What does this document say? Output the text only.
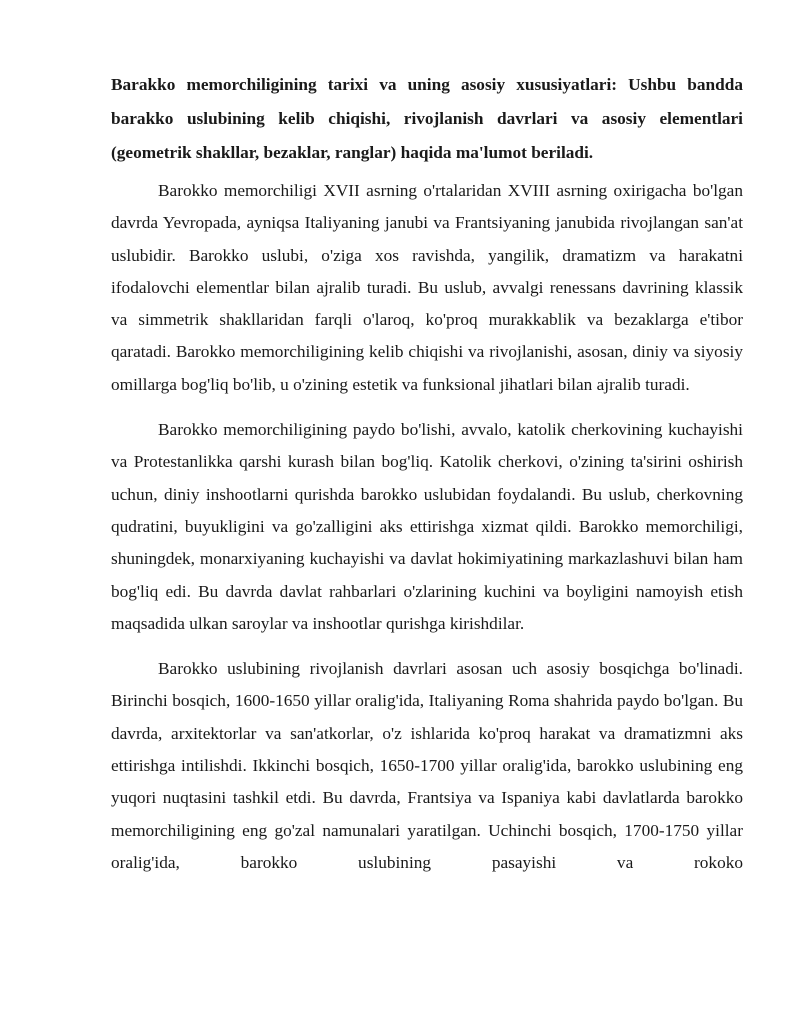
Barakko memorchiligining tarixi va uning asosiy xususiyatlari: Ushbu bandda barakko uslubining kelib chiqishi, rivojlanish davrlari va asosiy elementlari (geometrik shakllar, bezaklar, ranglar) haqida ma'lumot beriladi.

Barokko memorchiligi XVII asrning o'rtalaridan XVIII asrning oxirigacha bo'lgan davrda Yevropada, ayniqsa Italiyaning janubi va Frantsiyaning janubida rivojlangan san'at uslubidir. Barokko uslubi, o'ziga xos ravishda, yangilik, dramatizm va harakatni ifodalovchi elementlar bilan ajralib turadi. Bu uslub, avvalgi renessans davrining klassik va simmetrik shakllaridan farqli o'laroq, ko'proq murakkablik va bezaklarga e'tibor qaratadi. Barokko memorchiligining kelib chiqishi va rivojlanishi, asosan, diniy va siyosiy omillarga bog'liq bo'lib, u o'zining estetik va funksional jihatlari bilan ajralib turadi.

Barokko memorchiligining paydo bo'lishi, avvalo, katolik cherkovining kuchayishi va Protestanlikka qarshi kurash bilan bog'liq. Katolik cherkovi, o'zining ta'sirini oshirish uchun, diniy inshootlarni qurishda barokko uslubidan foydalandi. Bu uslub, cherkovning qudratini, buyukligini va go'zalligini aks ettirishga xizmat qildi. Barokko memorchiligi, shuningdek, monarxiyaning kuchayishi va davlat hokimiyatining markazlashuvi bilan ham bog'liq edi. Bu davrda davlat rahbarlari o'zlarining kuchini va boyligini namoyish etish maqsadida ulkan saroylar va inshootlar qurishga kirishdilar.

Barokko uslubining rivojlanish davrlari asosan uch asosiy bosqichga bo'linadi. Birinchi bosqich, 1600-1650 yillar oralig'ida, Italiyaning Roma shahrida paydo bo'lgan. Bu davrda, arxitektorlar va san'atkorlar, o'z ishlarida ko'proq harakat va dramatizmni aks ettirishga intilishdi. Ikkinchi bosqich, 1650-1700 yillar oralig'ida, barokko uslubining eng yuqori nuqtasini tashkil etdi. Bu davrda, Frantsiya va Ispaniya kabi davlatlarda barokko memorchiligining eng go'zal namunalari yaratilgan. Uchinchi bosqich, 1700-1750 yillar oralig'ida, barokko uslubining pasayishi va rokoko
